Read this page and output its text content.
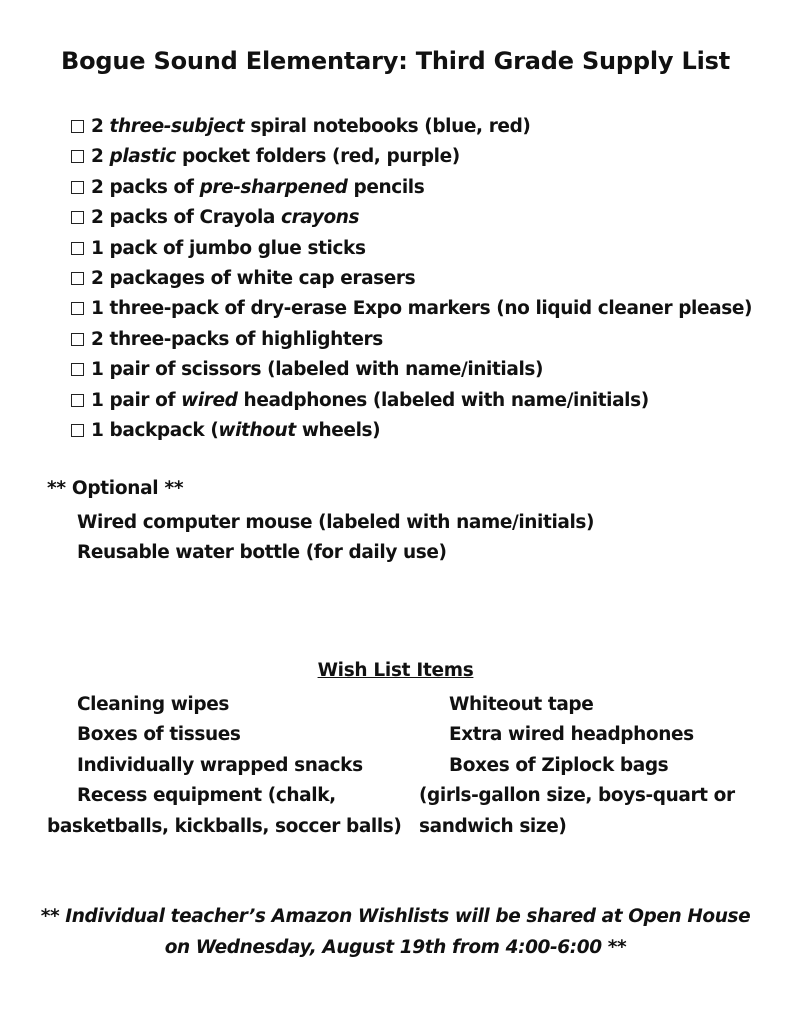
Bogue Sound Elementary: Third Grade Supply List
2 three-subject spiral notebooks (blue, red)
2 plastic pocket folders (red, purple)
2 packs of pre-sharpened pencils
2 packs of Crayola crayons
1 pack of jumbo glue sticks
2 packages of white cap erasers
1 three-pack of dry-erase Expo markers (no liquid cleaner please)
2 three-packs of highlighters
1 pair of scissors (labeled with name/initials)
1 pair of wired headphones (labeled with name/initials)
1 backpack (without wheels)
** Optional **
Wired computer mouse (labeled with name/initials)
Reusable water bottle (for daily use)
Wish List Items
Cleaning wipes
Boxes of tissues
Individually wrapped snacks
Recess equipment (chalk,
basketballs, kickballs, soccer balls)
Whiteout tape
Extra wired headphones
Boxes of Ziplock bags
(girls-gallon size, boys-quart or
sandwich size)
** Individual teacher’s Amazon Wishlists will be shared at Open House
on Wednesday, August 19th from 4:00-6:00 **
